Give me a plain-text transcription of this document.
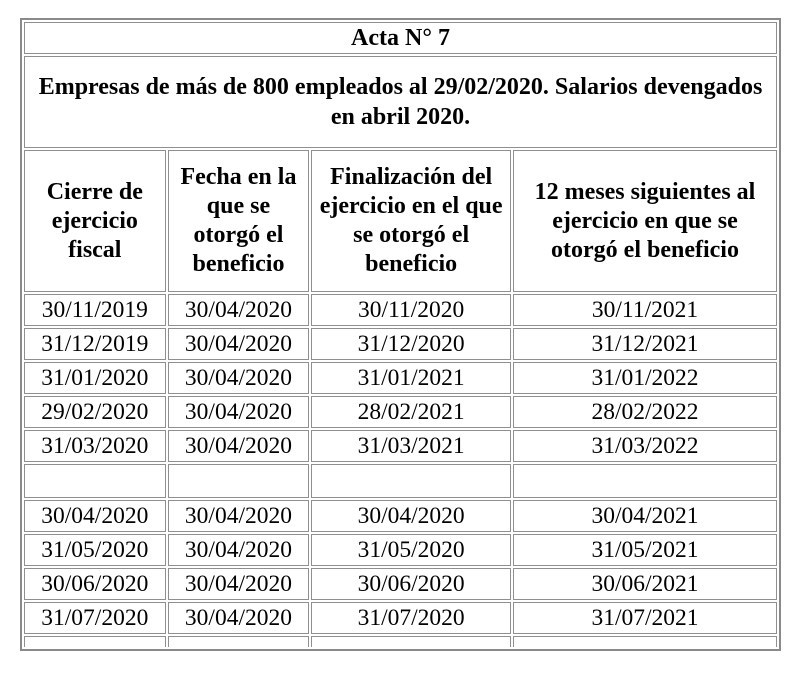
Acta N° 7			
Empresas de más de 800 empleados al 29/02/2020. Salarios devengados en abril 2020.			
Cierre de ejercicio fiscal	Fecha en la que se otorgó el beneficio	Finalización del ejercicio en el que se otorgó el beneficio	12 meses siguientes al ejercicio en que se otorgó el beneficio
30/11/2019	30/04/2020	30/11/2020	30/11/2021
31/12/2019	30/04/2020	31/12/2020	31/12/2021
31/01/2020	30/04/2020	31/01/2021	31/01/2022
29/02/2020	30/04/2020	28/02/2021	28/02/2022
31/03/2020	30/04/2020	31/03/2021	31/03/2022

30/04/2020	30/04/2020	30/04/2020	30/04/2021
31/05/2020	30/04/2020	31/05/2020	31/05/2021
30/06/2020	30/04/2020	30/06/2020	30/06/2021
31/07/2020	30/04/2020	31/07/2020	31/07/2021
